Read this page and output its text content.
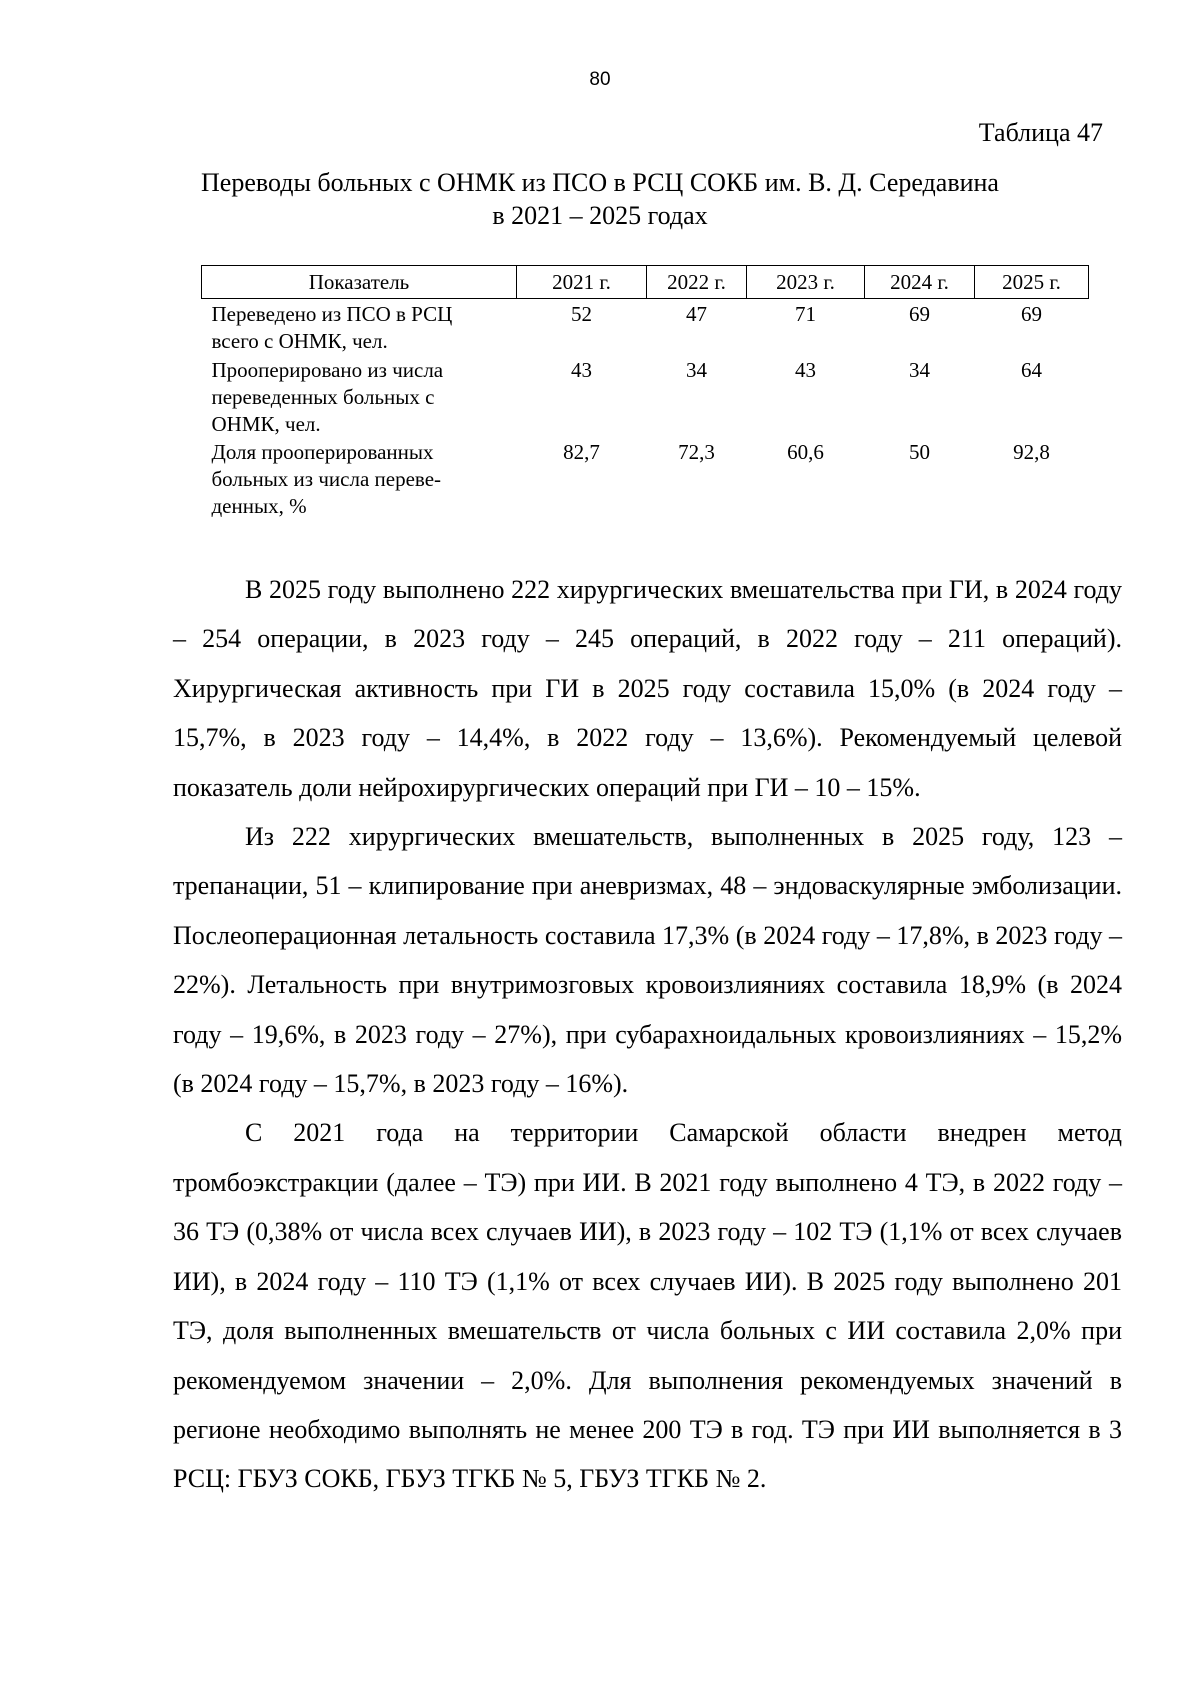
80
Таблица 47
Переводы больных с ОНМК из ПСО в РСЦ СОКБ им. В. Д. Середавина
в 2021 – 2025 годах
Показатель	2021 г.	2022 г.	2023 г.	2024 г.	2025 г.

Переведено из ПСО в РСЦ
всего с ОНМК, чел.	52	47	71	69	69

Прооперировано из числа
переведенных больных с
ОНМК, чел.	43	34	43	34	64

Доля прооперированных
больных из числа переве-
денных, %	82,7	72,3	60,6	50	92,8

В 2025 году выполнено 222 хирургических вмешательства при ГИ, в 2024 году – 254 операции, в 2023 году – 245 операций, в 2022 году – 211 операций). Хирургическая активность при ГИ в 2025 году составила 15,0% (в 2024 году – 15,7%, в 2023 году – 14,4%, в 2022 году – 13,6%). Рекомендуемый целевой показатель доли нейрохирургических операций при ГИ – 10 – 15%.

Из 222 хирургических вмешательств, выполненных в 2025 году, 123 – трепанации, 51 – клипирование при аневризмах, 48 – эндоваскулярные эмболизации. Послеоперационная летальность составила 17,3% (в 2024 году – 17,8%, в 2023 году – 22%). Летальность при внутримозговых кровоизлияниях составила 18,9% (в 2024 году – 19,6%, в 2023 году – 27%), при субарахноидальных кровоизлияниях – 15,2% (в 2024 году – 15,7%, в 2023 году – 16%).

С 2021 года на территории Самарской области внедрен метод тромбоэкстракции (далее – ТЭ) при ИИ. В 2021 году выполнено 4 ТЭ, в 2022 году – 36 ТЭ (0,38% от числа всех случаев ИИ), в 2023 году – 102 ТЭ (1,1% от всех случаев ИИ), в 2024 году – 110 ТЭ (1,1% от всех случаев ИИ). В 2025 году выполнено 201 ТЭ, доля выполненных вмешательств от числа больных с ИИ составила 2,0% при рекомендуемом значении – 2,0%. Для выполнения рекомендуемых значений в регионе необходимо выполнять не менее 200 ТЭ в год. ТЭ при ИИ выполняется в 3 РСЦ: ГБУЗ СОКБ, ГБУЗ ТГКБ № 5, ГБУЗ ТГКБ № 2.
